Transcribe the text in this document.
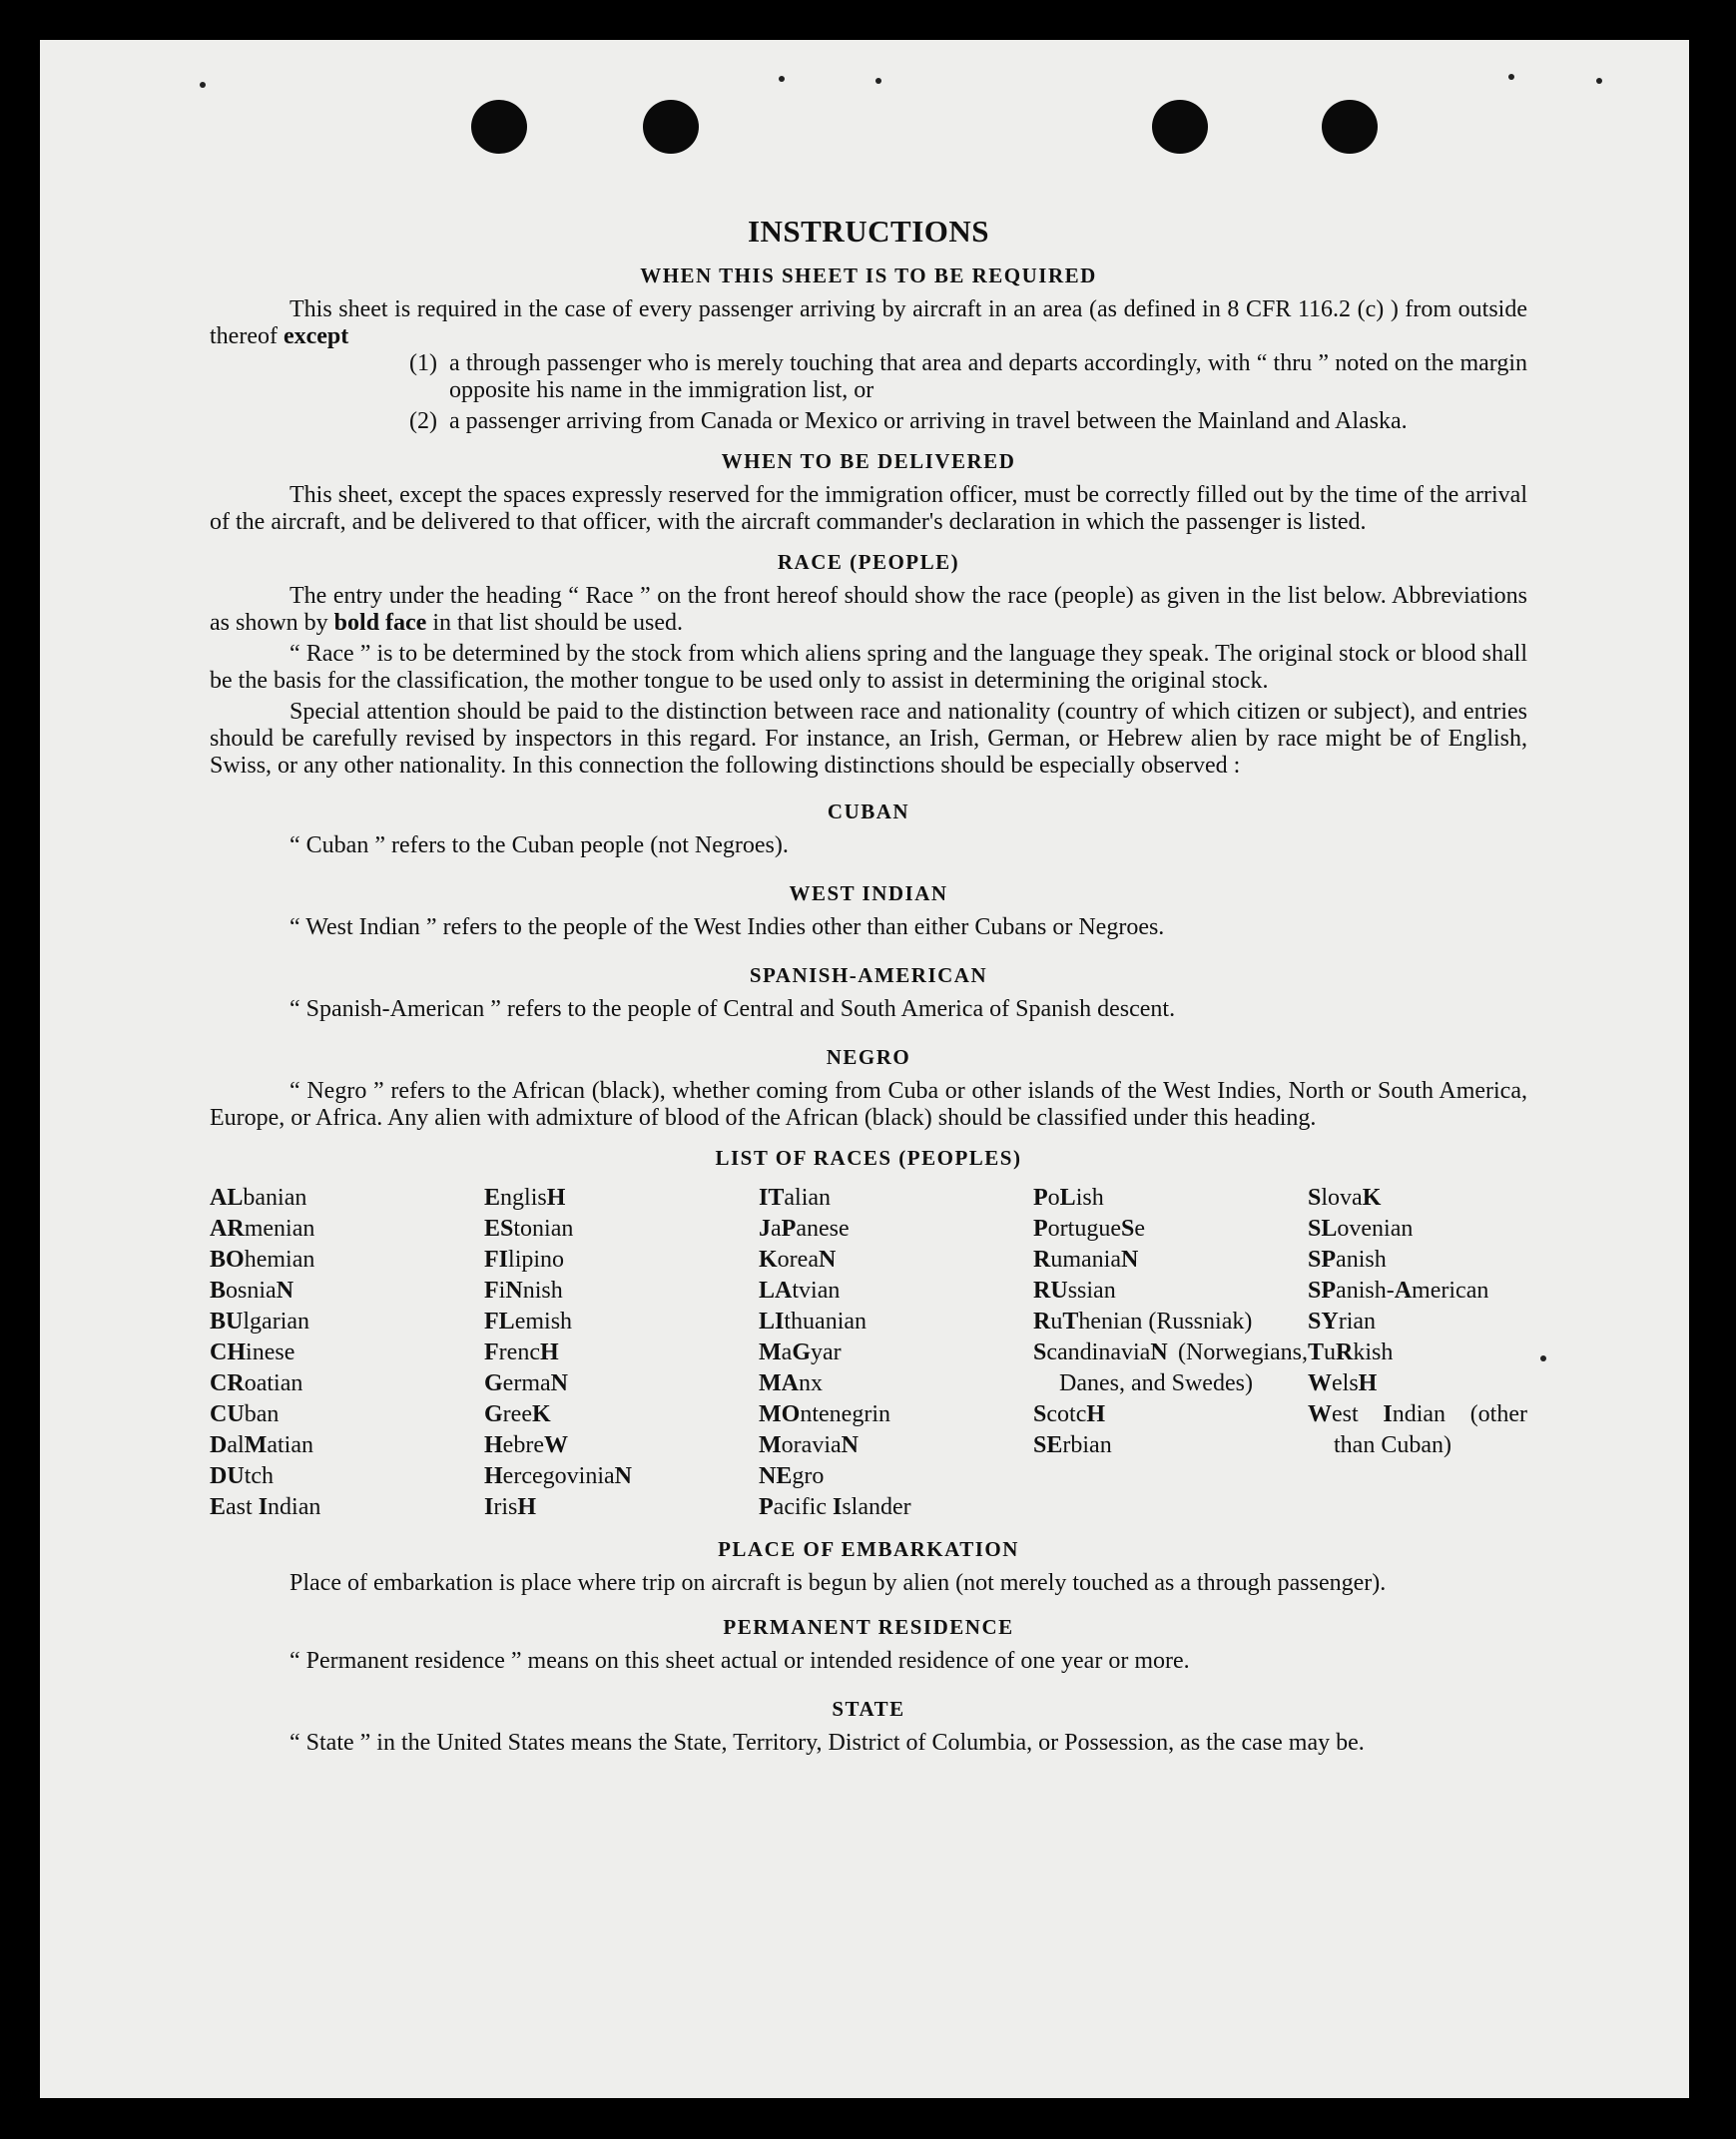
INSTRUCTIONS
WHEN THIS SHEET IS TO BE REQUIRED

This sheet is required in the case of every passenger arriving by aircraft in an area (as defined in 8 CFR 116.2 (c) ) from outside thereof except

(1) a through passenger who is merely touching that area and departs accordingly, with “ thru ” noted on the margin opposite his name in the immigration list, or
(2) a passenger arriving from Canada or Mexico or arriving in travel between the Mainland and Alaska.
WHEN TO BE DELIVERED

This sheet, except the spaces expressly reserved for the immigration officer, must be correctly filled out by the time of the arrival of the aircraft, and be delivered to that officer, with the aircraft commander's declaration in which the passenger is listed.

RACE (PEOPLE)

The entry under the heading “ Race ” on the front hereof should show the race (people) as given in the list below. Abbreviations as shown by bold face in that list should be used.

“ Race ” is to be determined by the stock from which aliens spring and the language they speak. The original stock or blood shall be the basis for the classification, the mother tongue to be used only to assist in determining the original stock.

Special attention should be paid to the distinction between race and nationality (country of which citizen or subject), and entries should be carefully revised by inspectors in this regard. For instance, an Irish, German, or Hebrew alien by race might be of English, Swiss, or any other nationality. In this connection the following distinctions should be especially observed :

CUBAN

“ Cuban ” refers to the Cuban people (not Negroes).

WEST INDIAN

“ West Indian ” refers to the people of the West Indies other than either Cubans or Negroes.

SPANISH-AMERICAN

“ Spanish-American ” refers to the people of Central and South America of Spanish descent.

NEGRO

“ Negro ” refers to the African (black), whether coming from Cuba or other islands of the West Indies, North or South America, Europe, or Africa. Any alien with admixture of blood of the African (black) should be classified under this heading.

LIST OF RACES (PEOPLES)
ALbanian
ARmenian
BOhemian
BosniaN
BUlgarian
CHinese
CRoatian
CUban
DalMatian
DUtch
East Indian
EnglisH
EStonian
FIlipino
FiNnish
FLemish
FrencH
GermaN
GreeK
HebreW
HercegoviniaN
IrisH
ITalian
JaPanese
KoreaN
LAtvian
LIthuanian
MaGyar
MAnx
MOntenegrin
MoraviaN
NEgro
Pacific Islander
PoLish
PortugueSe
RumaniaN
RUssian
RuThenian (Russniak)
ScandinaviaN (Norwegians, Danes, and Swedes)
ScotcH
SErbian
SlovaK
SLovenian
SPanish
SPanish-American
SYrian
TuRkish
WelsH
West Indian (other than Cuban)
PLACE OF EMBARKATION

Place of embarkation is place where trip on aircraft is begun by alien (not merely touched as a through passenger).

PERMANENT RESIDENCE

“ Permanent residence ” means on this sheet actual or intended residence of one year or more.

STATE

“ State ” in the United States means the State, Territory, District of Columbia, or Possession, as the case may be.
